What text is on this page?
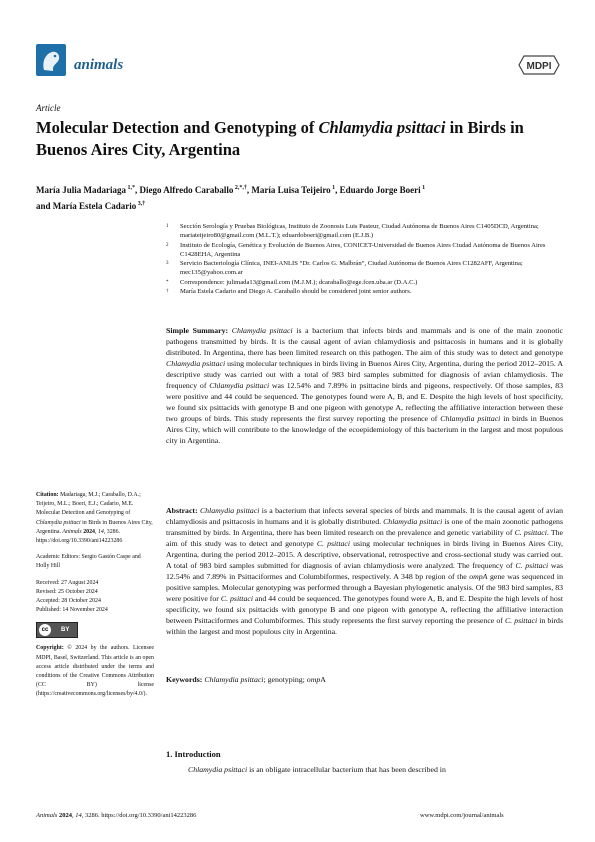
animals	MDPI
Article
Molecular Detection and Genotyping of Chlamydia psittaci in Birds in Buenos Aires City, Argentina
María Julia Madariaga $^{1,*}$, Diego Alfredo Caraballo $^{2,*,\dagger}$, María Luisa Teijeiro $^1$, Eduardo Jorge Boeri $^1$
and María Estela Cadario $^{3,\dagger}$
1 Sección Serología y Pruebas Biológicas, Instituto de Zoonosis Luis Pasteur, Ciudad Autónoma de Buenos Aires C1405DCD, Argentina; mariateijeiro80@gmail.com (M.L.T.); eduardoboeri@gmail.com (E.J.B.)
2 Instituto de Ecología, Genética y Evolución de Buenos Aires, CONICET-Universidad de Buenos Aires Ciudad Autónoma de Buenos Aires C1428EHA, Argentina
3 Servicio Bacteriología Clínica, INEI-ANLIS “Dr. Carlos G. Malbrán”, Ciudad Autónoma de Buenos Aires C1282AFF, Argentina; mec135@yahoo.com.ar
* Correspondence: julimada13@gmail.com (M.J.M.); dcaraballo@ege.fcen.uba.ar (D.A.C.)
† María Estela Cadario and Diego A. Caraballo should be considered joint senior authors.
Simple Summary: Chlamydia psittaci is a bacterium that infects birds and mammals and is one of the main zoonotic pathogens transmitted by birds. It is the causal agent of avian chlamydiosis and psittacosis in humans and it is globally distributed. In Argentina, there has been limited research on this pathogen. The aim of this study was to detect and genotype Chlamydia psittaci using molecular techniques in birds living in Buenos Aires City, Argentina, during the period 2012–2015. A descriptive study was carried out with a total of 983 bird samples submitted for diagnosis of avian chlamydiosis. The frequency of Chlamydia psittaci was 12.54% and 7.89% in psittacine birds and pigeons, respectively. Of those samples, 83 were positive and 44 could be sequenced. The genotypes found were A, B, and E. Despite the high levels of host specificity, we found six psittacids with genotype B and one pigeon with genotype A, reflecting the affiliative interaction between these two groups of birds. This study represents the first survey reporting the presence of Chlamydia psittaci in birds in Buenos Aires City, which will contribute to the knowledge of the ecoepidemiology of this bacterium in the largest and most populous city in Argentina.
Abstract: Chlamydia psittaci is a bacterium that infects several species of birds and mammals. It is the causal agent of avian chlamydiosis and psittacosis in humans and it is globally distributed. Chlamydia psittaci is one of the main zoonotic pathogens transmitted by birds. In Argentina, there has been limited research on the prevalence and genetic variability of C. psittaci. The aim of this study was to detect and genotype C. psittaci using molecular techniques in birds living in Buenos Aires City, Argentina, during the period 2012–2015. A descriptive, observational, retrospective and cross-sectional study was carried out. A total of 983 bird samples submitted for diagnosis of avian chlamydiosis were analyzed. The frequency of C. psittaci was 12.54% and 7.89% in Psittaciformes and Columbiformes, respectively. A 348 bp region of the ompA gene was sequenced in positive samples. Molecular genotyping was performed through a Bayesian phylogenetic analysis. Of the 983 bird samples, 83 were positive for C. psittaci and 44 could be sequenced. The genotypes found were A, B, and E. Despite the high levels of host specificity, we found six psittacids with genotype B and one pigeon with genotype A, reflecting the affiliative interaction between Psittaciformes and Columbiformes. This study represents the first survey reporting the presence of C. psittaci in birds within the largest and most populous city in Argentina.
Keywords: Chlamydia psittaci; genotyping; ompA
1. Introduction
Chlamydia psittaci is an obligate intracellular bacterium that has been described in
Citation: Madariaga, M.J.; Caraballo, D.A.; Teijeiro, M.L.; Boeri, E.J.; Cadario, M.E. Molecular Detection and Genotyping of Chlamydia psittaci in Birds in Buenos Aires City, Argentina. Animals 2024, 14, 3286. https://doi.org/10.3390/ani14223286
Academic Editors: Sergio Gastón Caspe and Holly Hill
Received: 27 August 2024
Revised: 25 October 2024
Accepted: 28 October 2024
Published: 14 November 2024
cc	BY
Copyright: © 2024 by the authors. Licensee MDPI, Basel, Switzerland. This article is an open access article distributed under the terms and conditions of the Creative Commons Attribution (CC BY) license (https://creativecommons.org/licenses/by/4.0/).
Animals 2024, 14, 3286. https://doi.org/10.3390/ani14223286	www.mdpi.com/journal/animals
